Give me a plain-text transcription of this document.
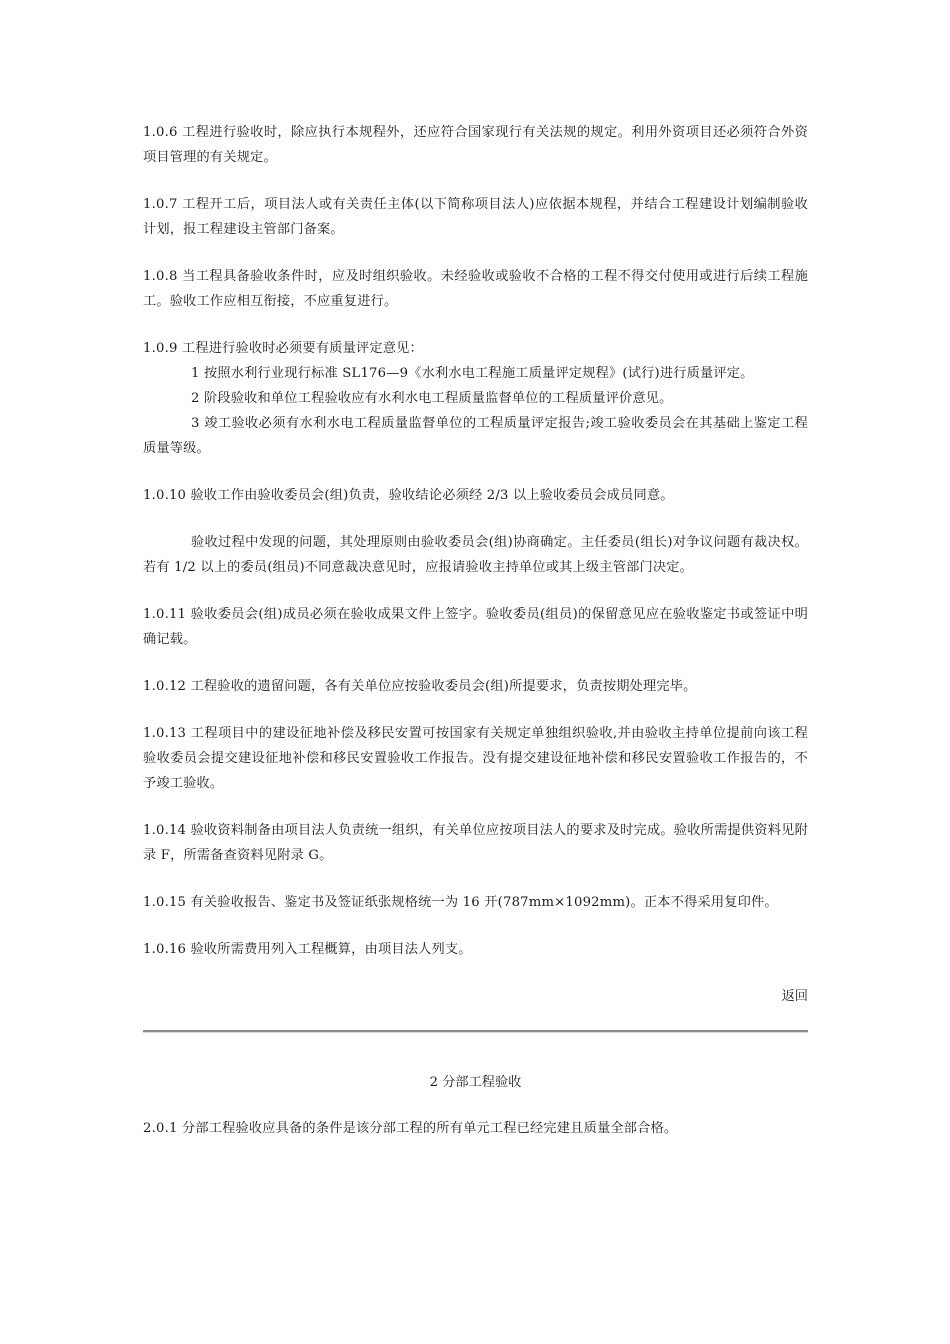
1.0.6 工程进行验收时，除应执行本规程外，还应符合国家现行有关法规的规定。利用外资项目还必须符合外资项目管理的有关规定。

1.0.7 工程开工后，项目法人或有关责任主体(以下简称项目法人)应依据本规程，并结合工程建设计划编制验收计划，报工程建设主管部门备案。

1.0.8 当工程具备验收条件时，应及时组织验收。未经验收或验收不合格的工程不得交付使用或进行后续工程施工。验收工作应相互衔接，不应重复进行。

1.0.9 工程进行验收时必须要有质量评定意见：

1 按照水利行业现行标准 SL176—9《水利水电工程施工质量评定规程》(试行)进行质量评定。

2 阶段验收和单位工程验收应有水利水电工程质量监督单位的工程质量评价意见。

3 竣工验收必须有水利水电工程质量监督单位的工程质量评定报告;竣工验收委员会在其基础上鉴定工程质量等级。

1.0.10 验收工作由验收委员会(组)负责，验收结论必须经 2/3 以上验收委员会成员同意。

验收过程中发现的问题，其处理原则由验收委员会(组)协商确定。主任委员(组长)对争议问题有裁决权。若有 1/2 以上的委员(组员)不同意裁决意见时，应报请验收主持单位或其上级主管部门决定。

1.0.11 验收委员会(组)成员必须在验收成果文件上签字。验收委员(组员)的保留意见应在验收鉴定书或签证中明确记载。

1.0.12 工程验收的遗留问题，各有关单位应按验收委员会(组)所提要求，负责按期处理完毕。

1.0.13 工程项目中的建设征地补偿及移民安置可按国家有关规定单独组织验收,并由验收主持单位提前向该工程验收委员会提交建设征地补偿和移民安置验收工作报告。没有提交建设征地补偿和移民安置验收工作报告的，不予竣工验收。

1.0.14 验收资料制备由项目法人负责统一组织，有关单位应按项目法人的要求及时完成。验收所需提供资料见附录 F，所需备查资料见附录 G。

1.0.15 有关验收报告、鉴定书及签证纸张规格统一为 16 开(787mm×1092mm)。正本不得采用复印件。

1.0.16 验收所需费用列入工程概算，由项目法人列支。

返回

2 分部工程验收

2.0.1 分部工程验收应具备的条件是该分部工程的所有单元工程已经完建且质量全部合格。
